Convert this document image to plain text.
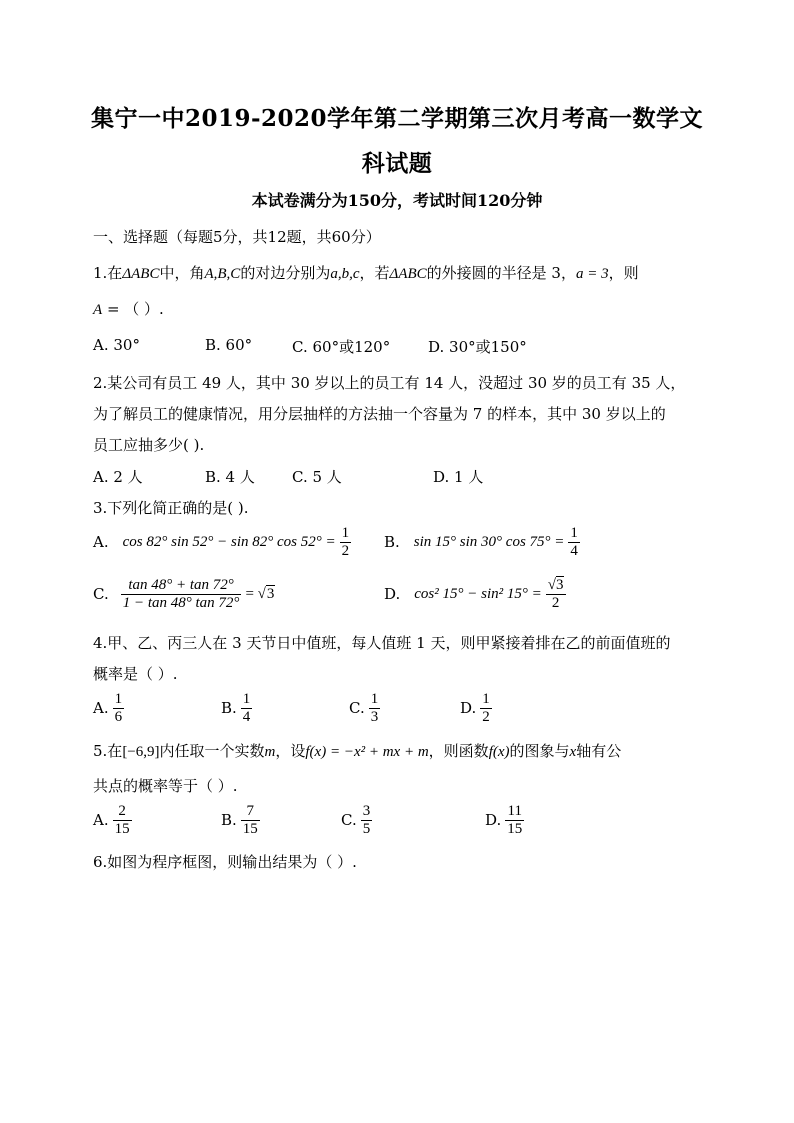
集宁一中2019-2020学年第二学期第三次月考高一数学文
科试题
本试卷满分为150分，考试时间120分钟
一、选择题（每题5分，共12题，共60分）
1.在ΔABC中，角A,B,C的对边分别为a,b,c，若ΔABC的外接圆的半径是 3，a = 3，则
A = （ ）.
A. 30°	B. 60°	C. 60°或120°	D. 30°或150°
2.某公司有员工 49 人，其中 30 岁以上的员工有 14 人，没超过 30 岁的员工有 35 人，
为了解员工的健康情况，用分层抽样的方法抽一个容量为 7 的样本，其中 30 岁以上的
员工应抽多少( ).
A. 2 人	B. 4 人 C. 5 人	D. 1 人
3.下列化简正确的是( ).
A. cos 82° sin 52° − sin 82° $\cos 52^\circ = \frac{1}{2} B$. sin 15° sin 30° $\cos 75^\circ = \frac{1}{4}$
C. $\frac{\tan 48^\circ + \tan 72^\circ}{1 - \tan 48^\circ \tan 72^\circ}$ = √ 3	D. cos² 15° − sin² $15^\circ = \frac{√3}{2}$
4.甲、乙、丙三人在 3 天节日中值班，每人值班 1 天，则甲紧接着排在乙的前面值班的
概率是（ ）.
A. $\frac{1}{6}$	B. $\frac{1}{4}$	C. $\frac{1}{3}$	D. $\frac{1}{2}$
5.在[−6,9]内任取一个实数m，设f(x) = −x² + mx + m，则函数f(x)的图象与x轴有公
共点的概率等于（ ）.
A. $\frac{2}{15}$	B. $\frac{7}{15}$	C. $\frac{3}{5}$	D. $\frac{11}{15}$
6.如图为程序框图，则输出结果为（ ）.
